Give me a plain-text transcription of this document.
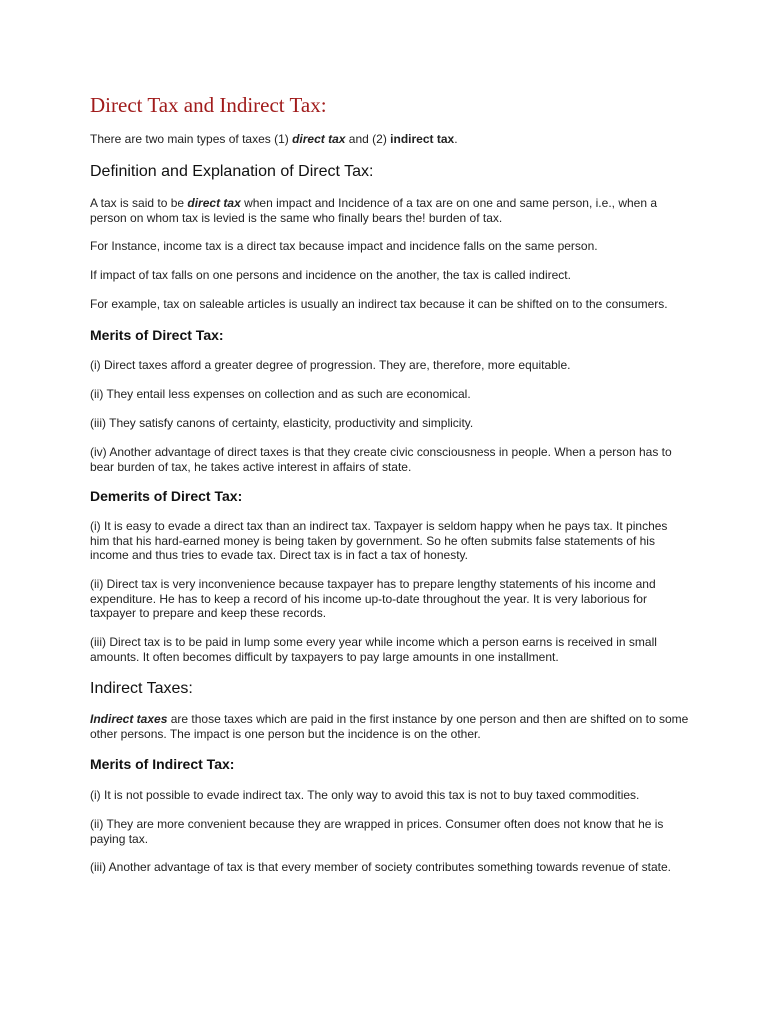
Direct Tax and Indirect Tax:

There are two main types of taxes (1) direct tax and (2) indirect tax.

Definition and Explanation of Direct Tax:

A tax is said to be direct tax when impact and Incidence of a tax are on one and same person, i.e., when a person on whom tax is levied is the same who finally bears the! burden of tax.

For Instance, income tax is a direct tax because impact and incidence falls on the same person.

If impact of tax falls on one persons and incidence on the another, the tax is called indirect.

For example, tax on saleable articles is usually an indirect tax because it can be shifted on to the consumers.

Merits of Direct Tax:

(i) Direct taxes afford a greater degree of progression. They are, therefore, more equitable.

(ii) They entail less expenses on collection and as such are economical.

(iii) They satisfy canons of certainty, elasticity, productivity and simplicity.

(iv) Another advantage of direct taxes is that they create civic consciousness in people. When a person has to bear burden of tax, he takes active interest in affairs of state.

Demerits of Direct Tax:

(i) It is easy to evade a direct tax than an indirect tax. Taxpayer is seldom happy when he pays tax. It pinches him that his hard-earned money is being taken by government. So he often submits false statements of his income and thus tries to evade tax. Direct tax is in fact a tax of honesty.

(ii) Direct tax is very inconvenience because taxpayer has to prepare lengthy statements of his income and expenditure. He has to keep a record of his income up-to-date throughout the year. It is very laborious for taxpayer to prepare and keep these records.

(iii) Direct tax is to be paid in lump some every year while income which a person earns is received in small amounts. It often becomes difficult by taxpayers to pay large amounts in one installment.

Indirect Taxes:

Indirect taxes are those taxes which are paid in the first instance by one person and then are shifted on to some other persons. The impact is one person but the incidence is on the other.

Merits of Indirect Tax:

(i) It is not possible to evade indirect tax. The only way to avoid this tax is not to buy taxed commodities.

(ii) They are more convenient because they are wrapped in prices. Consumer often does not know that he is paying tax.

(iii) Another advantage of tax is that every member of society contributes something towards revenue of state.
